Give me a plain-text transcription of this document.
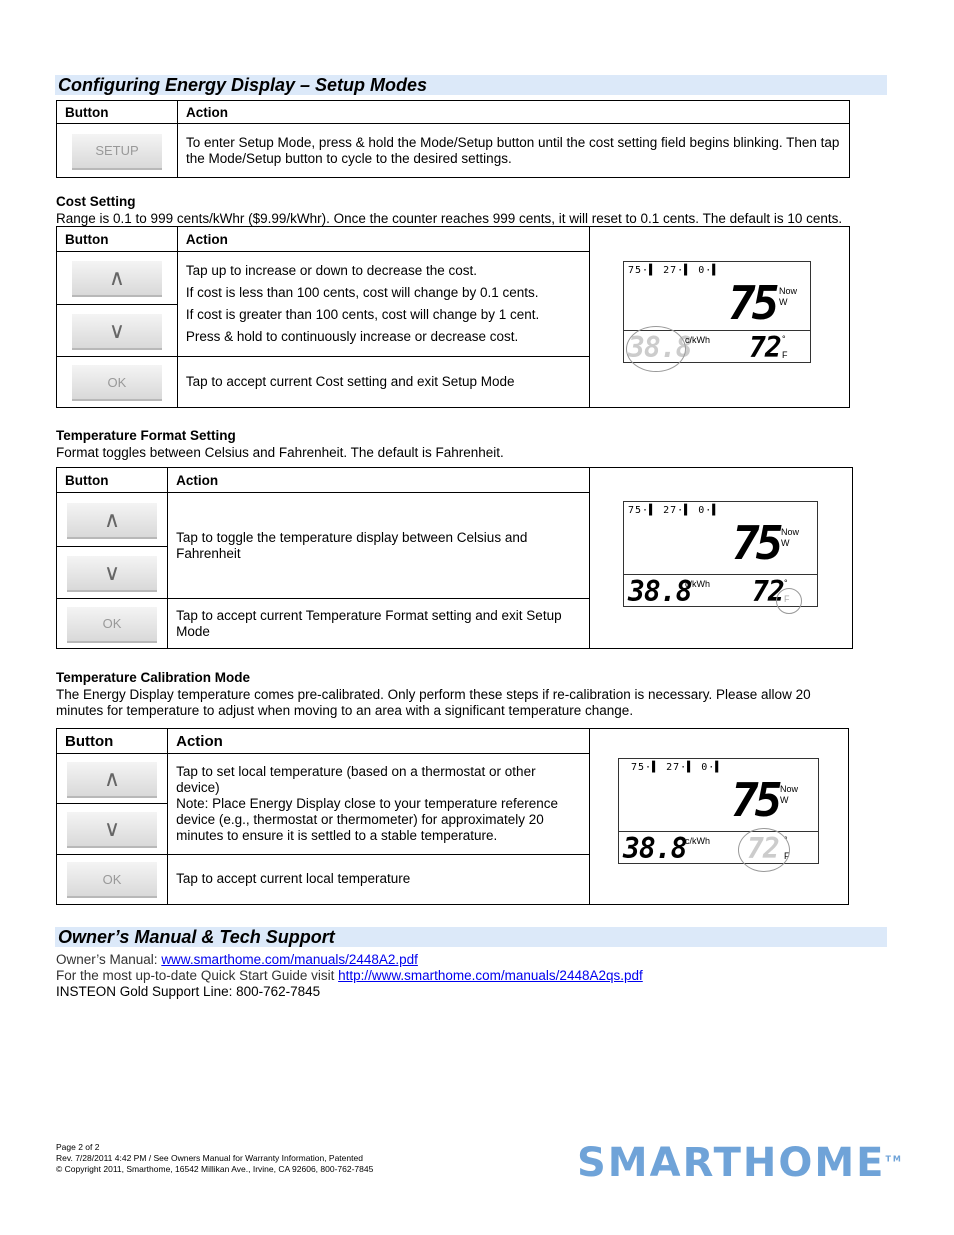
Configuring Energy Display – Setup Modes
Button	Action

SETUP	To enter Setup Mode, press & hold the Mode/Setup button until the cost setting field begins blinking. Then tap the Mode/Setup button to cycle to the desired settings.
Cost Setting
Range is 0.1 to 999 cents/kWhr ($9.99/kWhr). Once the counter reaches 999 cents, it will reset to 0.1 cents. The default is 10 cents.
Button	Action	

∧	Tap up to increase or down to decrease the cost.
If cost is less than 100 cents, cost will change by 0.1 cents.
If cost is greater than 100 cents, cost will change by 1 cent.
Press & hold to continuously increase or decrease cost.	

∨		

OK	Tap to accept current Cost setting and exit Setup Mode	
75·▌ 27·▌ 0·▌
75 Now
W
38.8
c/kWh 72 °
F
Temperature Format Setting
Format toggles between Celsius and Fahrenheit. The default is Fahrenheit.
Button	Action	

∧	Tap to toggle the temperature display between Celsius and Fahrenheit	

∨		

OK	Tap to accept current Temperature Format setting and exit Setup Mode	
75·▌ 27·▌ 0·▌
75 Now
W
38.8
c/kWh 72 °
F
Temperature Calibration Mode
The Energy Display temperature comes pre-calibrated. Only perform these steps if re-calibration is necessary. Please allow 20 minutes for temperature to adjust when moving to an area with a significant temperature change.
Button	Action	

∧	Tap to set local temperature (based on a thermostat or other device)
Note: Place Energy Display close to your temperature reference device (e.g., thermostat or thermometer) for approximately 20 minutes to ensure it is settled to a stable temperature.	

∨		

OK	Tap to accept current local temperature	
75·▌ 27·▌ 0·▌
75 Now
W
38.8
c/kWh 72 °
F
Owner’s Manual & Tech Support
Owner’s Manual: www.smarthome.com/manuals/2448A2.pdf
For the most up-to-date Quick Start Guide visit http://www.smarthome.com/manuals/2448A2qs.pdf
INSTEON Gold Support Line: 800-762-7845
Page 2 of 2
Rev. 7/28/2011 4:42 PM / See Owners Manual for Warranty Information, Patented
© Copyright 2011, Smarthome, 16542 Millikan Ave., Irvine, CA 92606, 800-762-7845	SMARTHOME™
